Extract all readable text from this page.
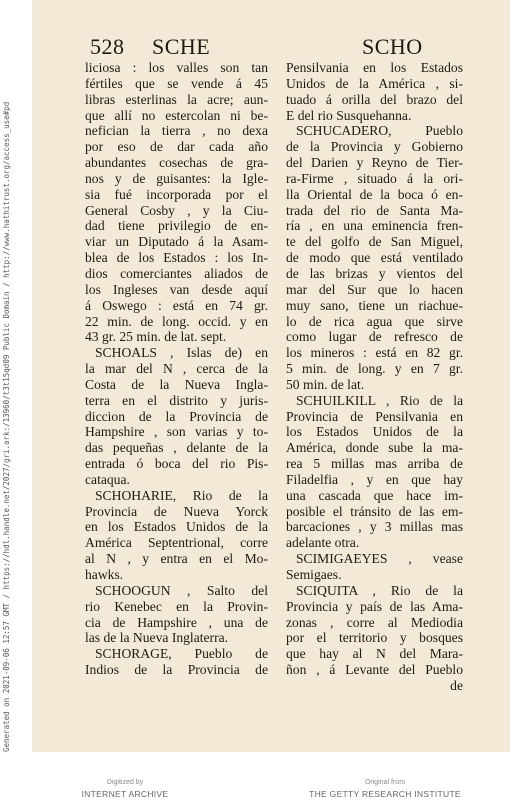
Generated on 2021-09-06 12:57 GMT / https://hdl.handle.net/2027/gri.ark:/13960/t3t15qd09 Public Domain / http://www.hathitrust.org/access_use#pd
528 SCHE	SCHO
liciosa : los valles son tan
fértiles que se vende á 45
libras esterlinas la acre; aun-
que allí no estercolan ni be-
nefician la tierra , no dexa
por eso de dar cada año
abundantes cosechas de gra-
nos y de guisantes: la Igle-
sia fué incorporada por el
General Cosby , y la Ciu-
dad tiene privilegio de en-
viar un Diputado á la Asam-
blea de los Estados : los In-
dios comerciantes aliados de
los Ingleses van desde aquí
á Oswego : está en 74 gr.
22 min. de long. occid. y en
43 gr. 25 min. de lat. sept.
SCHOALS , Islas de) en
la mar del N , cerca de la
Costa de la Nueva Ingla-
terra en el distrito y juris-
diccion de la Provincia de
Hampshire , son varias y to-
das pequeñas , delante de la
entrada ó boca del rio Pis-
cataqua.
SCHOHARIE, Rio de la
Provincia de Nueva Yorck
en los Estados Unidos de la
América Septentrional, corre
al N , y entra en el Mo-
hawks.
SCHOOGUN , Salto del
rio Kenebec en la Provin-
cia de Hampshire , una de
las de la Nueva Inglaterra.
SCHORAGE, Pueblo de
Indios de la Provincia de
Pensilvania en los Estados
Unidos de la América , si-
tuado á orilla del brazo del
E del rio Susquehanna.
SCHUCADERO, Pueblo
de la Provincia y Gobierno
del Darien y Reyno de Tier-
ra-Firme , situado á la ori-
lla Oriental de la boca ó en-
trada del rio de Santa Ma-
ría , en una eminencia fren-
te del golfo de San Miguel,
de modo que está ventilado
de las brizas y vientos del
mar del Sur que lo hacen
muy sano, tiene un riachue-
lo de rica agua que sirve
como lugar de refresco de
los mineros : está en 82 gr.
5 min. de long. y en 7 gr.
50 min. de lat.
SCHUILKILL , Rio de la
Provincia de Pensilvania en
los Estados Unidos de la
América, donde sube la ma-
rea 5 millas mas arriba de
Filadelfia , y en que hay
una cascada que hace im-
posible el tránsito de las em-
barcaciones , y 3 millas mas
adelante otra.
SCIMIGAEYES , vease
Semigaes.
SCIQUITA , Rio de la
Provincia y país de las Ama-
zonas , corre al Mediodia
por el territorio y bosques
que hay al N del Mara-
ñon , á Levante del Pueblo
de
Digitized by
INTERNET ARCHIVE
Original from
THE GETTY RESEARCH INSTITUTE
